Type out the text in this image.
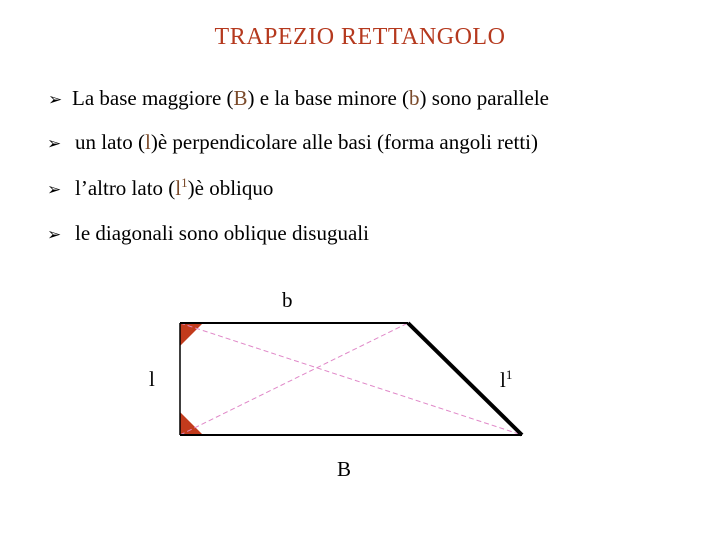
TRAPEZIO RETTANGOLO
➢ La base maggiore (B) e la base minore (b) sono parallele
➢ un lato (l)è perpendicolare alle basi (forma angoli retti)
➢ l’altro lato $(l^1)è$ obliquo
➢ le diagonali sono oblique disuguali
b
l	$l^1$
B
